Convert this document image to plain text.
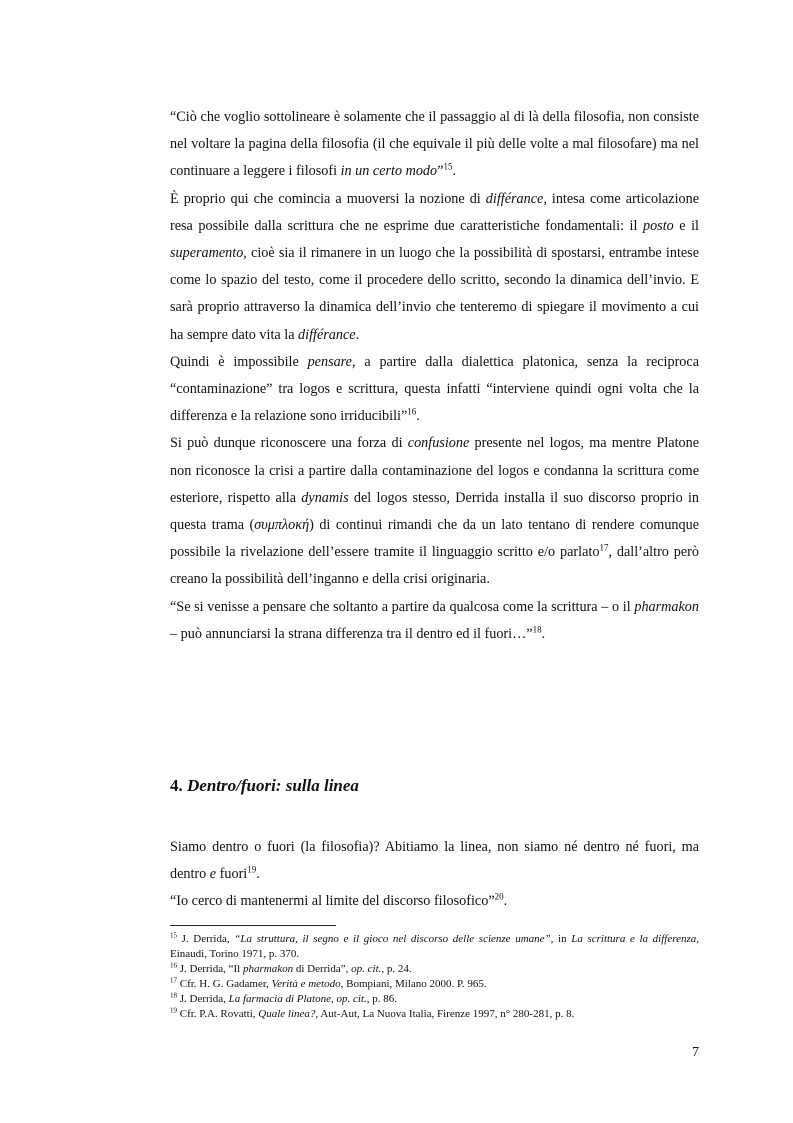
“Ciò che voglio sottolineare è solamente che il passaggio al di là della filosofia, non consiste nel voltare la pagina della filosofia (il che equivale il più delle volte a mal filosofare) ma nel continuare a leggere i filosofi in un certo modo”$^{15}$.

È proprio qui che comincia a muoversi la nozione di différance, intesa come articolazione resa possibile dalla scrittura che ne esprime due caratteristiche fondamentali: il posto e il superamento, cioè sia il rimanere in un luogo che la possibilità di spostarsi, entrambe intese come lo spazio del testo, come il procedere dello scritto, secondo la dinamica dell’invio. E sarà proprio attraverso la dinamica dell’invio che tenteremo di spiegare il movimento a cui ha sempre dato vita la différance.

Quindi è impossibile pensare, a partire dalla dialettica platonica, senza la reciproca “contaminazione” tra logos e scrittura, questa infatti “interviene quindi ogni volta che la differenza e la relazione sono irriducibili”$^{16}$.

Si può dunque riconoscere una forza di confusione presente nel logos, ma mentre Platone non riconosce la crisi a partire dalla contaminazione del logos e condanna la scrittura come esteriore, rispetto alla dynamis del logos stesso, Derrida installa il suo discorso proprio in questa trama (συμπλοκή) di continui rimandi che da un lato tentano di rendere comunque possibile la rivelazione dell’essere tramite il linguaggio scritto e/o parlato$^{17}$, dall’altro però creano la possibilità dell’inganno e della crisi originaria.

“Se si venisse a pensare che soltanto a partire da qualcosa come la scrittura – o il pharmakon – può annunciarsi la strana differenza tra il dentro ed il fuori…”$^{18}$.

4. Dentro/fuori: sulla linea

Siamo dentro o fuori (la filosofia)? Abitiamo la linea, non siamo né dentro né fuori, ma dentro e fuori$^{19}$.

“Io cerco di mantenermi al limite del discorso filosofico”$^{20}$.

$^{15}$ J. Derrida, “La struttura, il segno e il gioco nel discorso delle scienze umane”, in La scrittura e la differenza, Einaudi, Torino 1971, p. 370.

$^{16}$ J. Derrida, “Il pharmakon di Derrida”, op. cit., p. 24.

$^{17}$ Cfr. H. G. Gadamer, Verità e metodo, Bompiani, Milano 2000. P. 965.

$^{18}$ J. Derrida, La farmacia di Platone, op. cit., p. 86.

$^{19}$ Cfr. P.A. Rovatti, Quale linea?, Aut-Aut, La Nuova Italia, Firenze 1997, n° 280-281, p. 8.

7
